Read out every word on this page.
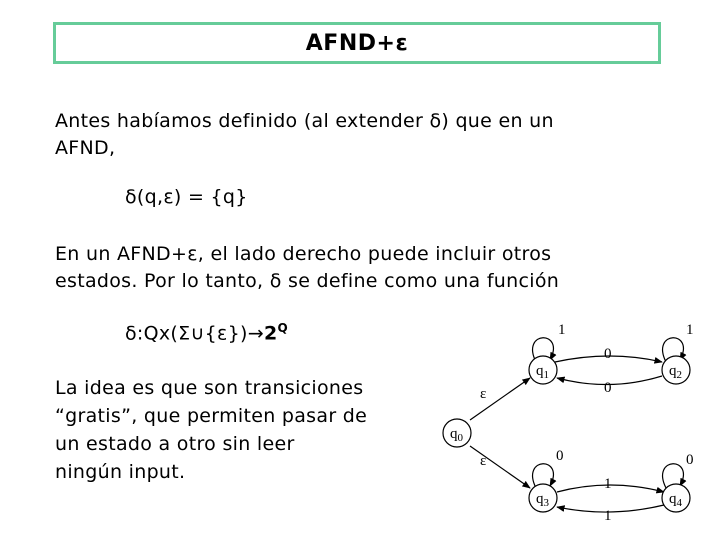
AFND+ε
Antes habíamos definido (al extender δ) que en un
AFND,
δ(q,ε) = {q}
En un AFND+ε, el lado derecho puede incluir otros
estados. Por lo tanto, δ se define como una función
$\delta:Qx(\Sigma\cup\{\varepsilon\})\to 2^Q$
La idea es que son transiciones
“gratis”, que permiten pasar de
un estado a otro sin leer
ningún input.
$q_0$
$q_1$	$q_2$
$q_3$	$q_4$
ε
ε
1	1
0
0
0	0
1
1
